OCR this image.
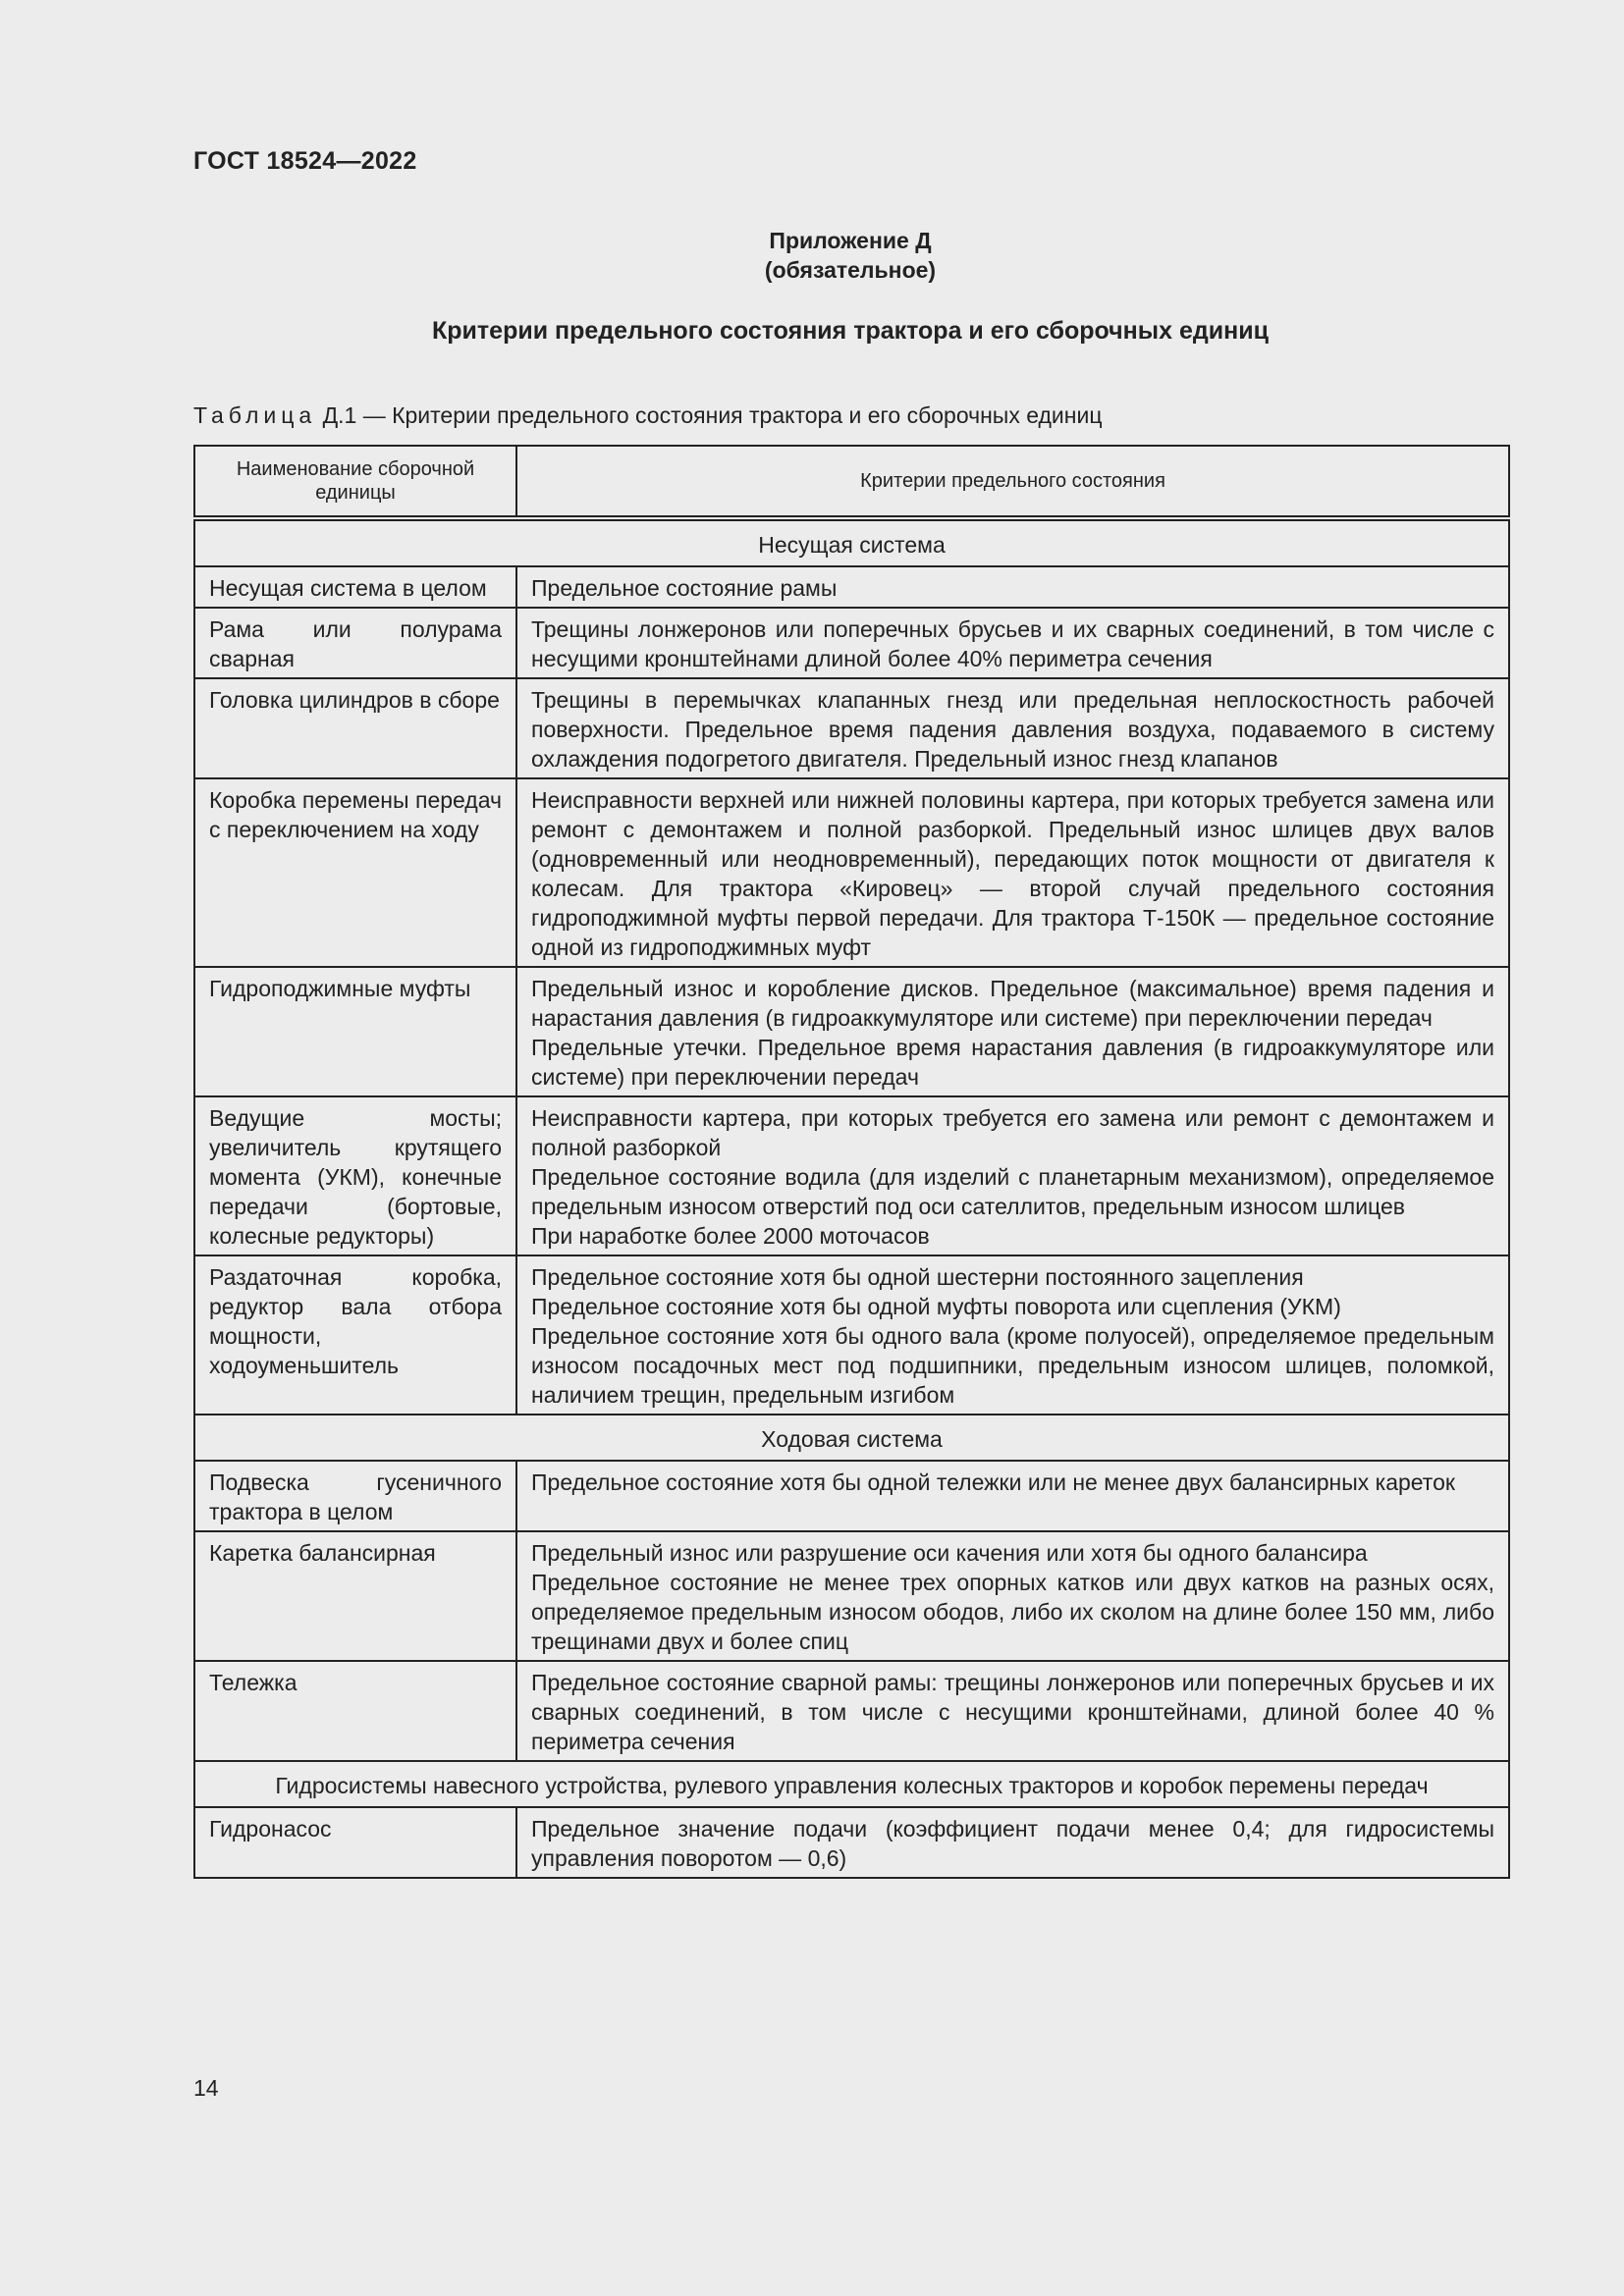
ГОСТ 18524—2022
Приложение Д
(обязательное)
Критерии предельного состояния трактора и его сборочных единиц
Таблица Д.1 — Критерии предельного состояния трактора и его сборочных единиц
Наименование сборочной единицы	Критерии предельного состояния
Несущая система	
Несущая система в целом	Предельное состояние рамы

Рама или полурама сварная	Трещины лонжеронов или поперечных брусьев и их сварных соединений, в том числе с несущими кронштейнами длиной более 40% периметра сечения

Головка цилиндров в сборе	Трещины в перемычках клапанных гнезд или предельная неплоскостность рабочей поверхности. Предельное время падения давления воздуха, подаваемого в систему охлаждения подогретого двигателя. Предельный износ гнезд клапанов

Коробка перемены передач с переключением на ходу	Неисправности верхней или нижней половины картера, при которых требуется замена или ремонт с демонтажем и полной разборкой. Предельный износ шлицев двух валов (одновременный или неодновременный), передающих поток мощности от двигателя к колесам. Для трактора «Кировец» — второй случай предельного состояния гидроподжимной муфты первой передачи. Для трактора Т-150К — предельное состояние одной из гидроподжимных муфт

Гидроподжимные муфты	Предельный износ и коробление дисков. Предельное (максимальное) время падения и нарастания давления (в гидроаккумуляторе или системе) при переключении передач
Предельные утечки. Предельное время нарастания давления (в гидроаккумуляторе или системе) при переключении передач

Ведущие мосты; увеличитель крутящего момента (УКМ), конечные передачи (бортовые, колесные редукторы)	Неисправности картера, при которых требуется его замена или ремонт с демонтажем и полной разборкой
Предельное состояние водила (для изделий с планетарным механизмом), определяемое предельным износом отверстий под оси сателлитов, предельным износом шлицев
При наработке более 2000 моточасов

Раздаточная коробка, редуктор вала отбора мощности, ходоуменьшитель	Предельное состояние хотя бы одной шестерни постоянного зацепления
Предельное состояние хотя бы одной муфты поворота или сцепления (УКМ)
Предельное состояние хотя бы одного вала (кроме полуосей), определяемое предельным износом посадочных мест под подшипники, предельным износом шлицев, поломкой, наличием трещин, предельным изгибом

Ходовая система	
Подвеска гусеничного трактора в целом	Предельное состояние хотя бы одной тележки или не менее двух балансирных кареток

Каретка балансирная	Предельный износ или разрушение оси качения или хотя бы одного балансира
Предельное состояние не менее трех опорных катков или двух катков на разных осях, определяемое предельным износом ободов, либо их сколом на длине более 150 мм, либо трещинами двух и более спиц

Тележка	Предельное состояние сварной рамы: трещины лонжеронов или поперечных брусьев и их сварных соединений, в том числе с несущими кронштейнами, длиной более 40 % периметра сечения

Гидросистемы навесного устройства, рулевого управления колесных тракторов и коробок перемены передач	
Гидронасос	Предельное значение подачи (коэффициент подачи менее 0,4; для гидросистемы управления поворотом — 0,6)
14
